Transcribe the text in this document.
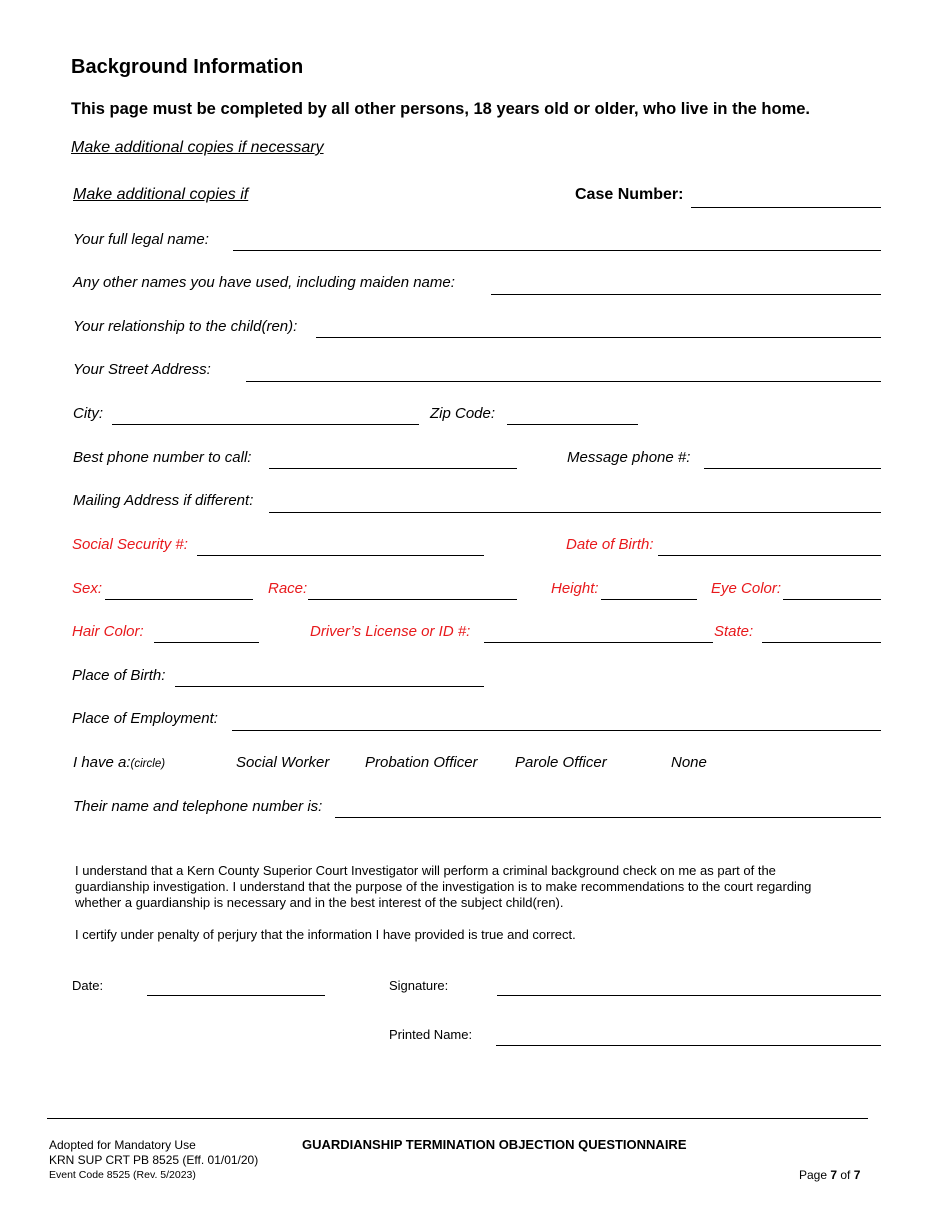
Background Information
This page must be completed by all other persons, 18 years old or older, who live in the home.
Make additional copies if necessary
Make additional copies if	Case Number:
Your full legal name:
Any other names you have used, including maiden name:
Your relationship to the child(ren):
Your Street Address:
City:	Zip Code:
Best phone number to call:	Message phone #:
Mailing Address if different:
Social Security #:	Date of Birth:
Sex:	Race:	Height:	Eye Color:
Hair Color:	Driver’s License or ID #:	State:
Place of Birth:
Place of Employment:
I have a:(circle)	Social Worker Probation Officer Parole Officer	None
Their name and telephone number is:
I understand that a Kern County Superior Court Investigator will perform a criminal background check on me as part of the guardianship investigation. I understand that the purpose of the investigation is to make recommendations to the court regarding whether a guardianship is necessary and in the best interest of the subject child(ren).
I certify under penalty of perjury that the information I have provided is true and correct.
Date:	Signature:
Printed Name:
Adopted for Mandatory Use
KRN SUP CRT PB 8525 (Eff. 01/01/20)
Event Code 8525 (Rev. 5/2023)
GUARDIANSHIP TERMINATION OBJECTION QUESTIONNAIRE
Page 7 of 7
